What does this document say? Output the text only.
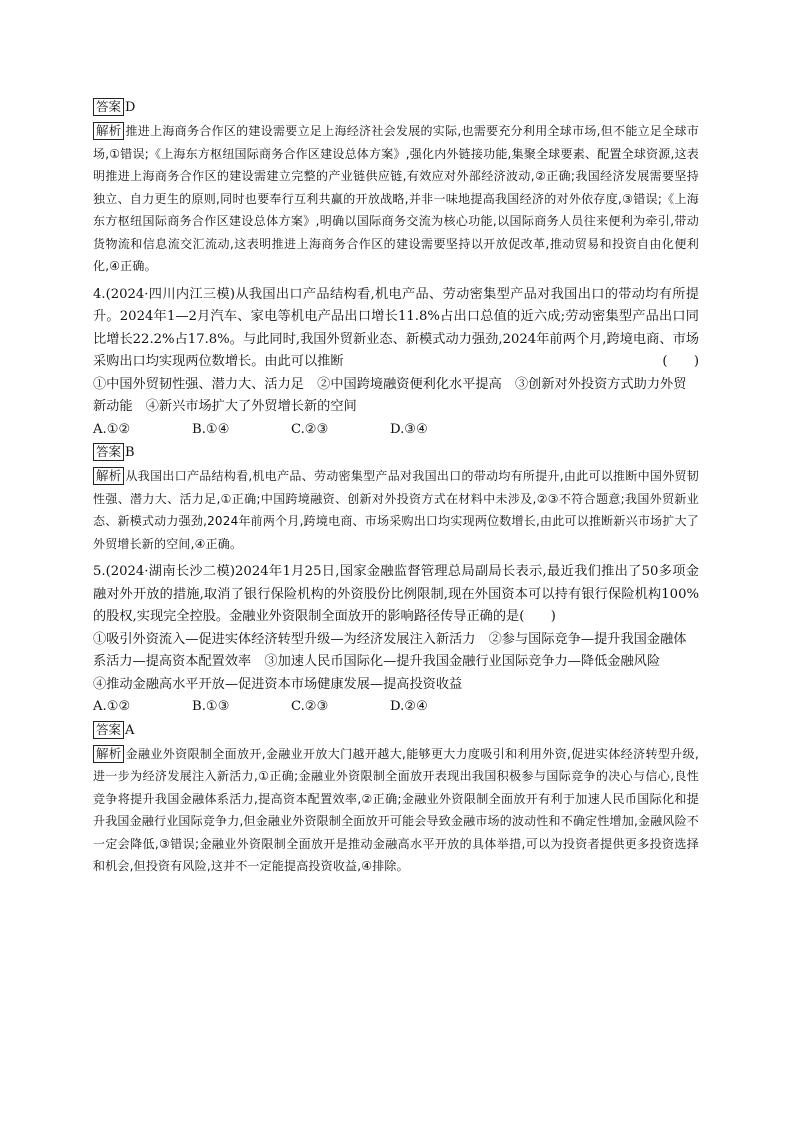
答案 D

解析 推进上海商务合作区的建设需要立足上海经济社会发展的实际,也需要充分利用全球市场,但不能立足全球市场,①错误;《上海东方枢纽国际商务合作区建设总体方案》,强化内外链接功能,集聚全球要素、配置全球资源,这表明推进上海商务合作区的建设需建立完整的产业链供应链,有效应对外部经济波动,②正确;我国经济发展需要坚持独立、自力更生的原则,同时也要奉行互利共赢的开放战略,并非一味地提高我国经济的对外依存度,③错误;《上海东方枢纽国际商务合作区建设总体方案》,明确以国际商务交流为核心功能,以国际商务人员往来便利为牵引,带动货物流和信息流交汇流动,这表明推进上海商务合作区的建设需要坚持以开放促改革,推动贸易和投资自由化便利化,④正确。

4.(2024·四川内江三模)从我国出口产品结构看,机电产品、劳动密集型产品对我国出口的带动均有所提升。2024年1—2月汽车、家电等机电产品出口增长11.8%占出口总值的近六成;劳动密集型产品出口同比增长22.2%占17.8%。与此同时,我国外贸新业态、新模式动力强劲,2024年前两个月,跨境电商、市场采购出口均实现两位数增长。由此可以推断	(　　)

①中国外贸韧性强、潜力大、活力足　②中国跨境融资便利化水平提高　③创新对外投资方式助力外贸新动能　④新兴市场扩大了外贸增长新的空间

A.①②	B.①④	C.②③	D.③④
答案 B

解析 从我国出口产品结构看,机电产品、劳动密集型产品对我国出口的带动均有所提升,由此可以推断中国外贸韧性强、潜力大、活力足,①正确;中国跨境融资、创新对外投资方式在材料中未涉及,②③不符合题意;我国外贸新业态、新模式动力强劲,2024年前两个月,跨境电商、市场采购出口均实现两位数增长,由此可以推断新兴市场扩大了外贸增长新的空间,④正确。

5.(2024·湖南长沙二模)2024年1月25日,国家金融监督管理总局副局长表示,最近我们推出了50多项金融对外开放的措施,取消了银行保险机构的外资股份比例限制,现在外国资本可以持有银行保险机构100%的股权,实现完全控股。金融业外资限制全面放开的影响路径传导正确的是(　　)

①吸引外资流入—促进实体经济转型升级—为经济发展注入新活力　②参与国际竞争—提升我国金融体系活力—提高资本配置效率　③加速人民币国际化—提升我国金融行业国际竞争力—降低金融风险

④推动金融高水平开放—促进资本市场健康发展—提高投资收益

A.①②	B.①③	C.②③	D.②④
答案 A

解析 金融业外资限制全面放开,金融业开放大门越开越大,能够更大力度吸引和利用外资,促进实体经济转型升级,进一步为经济发展注入新活力,①正确;金融业外资限制全面放开表现出我国积极参与国际竞争的决心与信心,良性竞争将提升我国金融体系活力,提高资本配置效率,②正确;金融业外资限制全面放开有利于加速人民币国际化和提升我国金融行业国际竞争力,但金融业外资限制全面放开可能会导致金融市场的波动性和不确定性增加,金融风险不一定会降低,③错误;金融业外资限制全面放开是推动金融高水平开放的具体举措,可以为投资者提供更多投资选择和机会,但投资有风险,这并不一定能提高投资收益,④排除。
